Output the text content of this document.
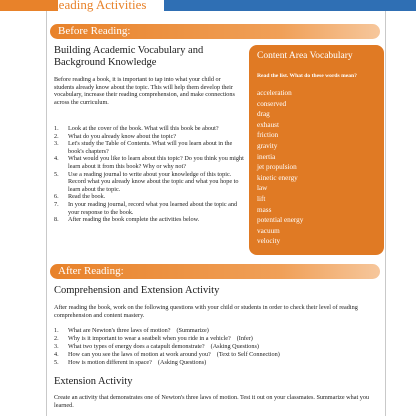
Reading Activities
Before Reading:
Building Academic Vocabulary and Background Knowledge
Before reading a book, it is important to tap into what your child or students already know about the topic. This will help them develop their vocabulary, increase their reading comprehension, and make connections across the curriculum.
1. Look at the cover of the book. What will this book be about?
2. What do you already know about the topic?
3. Let's study the Table of Contents. What will you learn about in the book's chapters?
4. What would you like to learn about this topic? Do you think you might learn about it from this book? Why or why not?
5. Use a reading journal to write about your knowledge of this topic. Record what you already know about the topic and what you hope to learn about the topic.
6. Read the book.
7. In your reading journal, record what you learned about the topic and your response to the book.
8. After reading the book complete the activities below.
Content Area Vocabulary
Read the list. What do these words mean?
acceleration
conserved
drag
exhaust
friction
gravity
inertia
jet propulsion
kinetic energy
law
lift
mass
potential energy
vacuum
velocity
After Reading:
Comprehension and Extension Activity
After reading the book, work on the following questions with your child or students in order to check their level of reading comprehension and content mastery.
1. What are Newton's three laws of motion? (Summarize)
2. Why is it important to wear a seatbelt when you ride in a vehicle? (Infer)
3. What two types of energy does a catapult demonstrate? (Asking Questions)
4. How can you see the laws of motion at work around you? (Text to Self Connection)
5. How is motion different in space? (Asking Questions)
Extension Activity
Create an activity that demonstrates one of Newton's three laws of motion. Test it out on your classmates. Summarize what you learned.
